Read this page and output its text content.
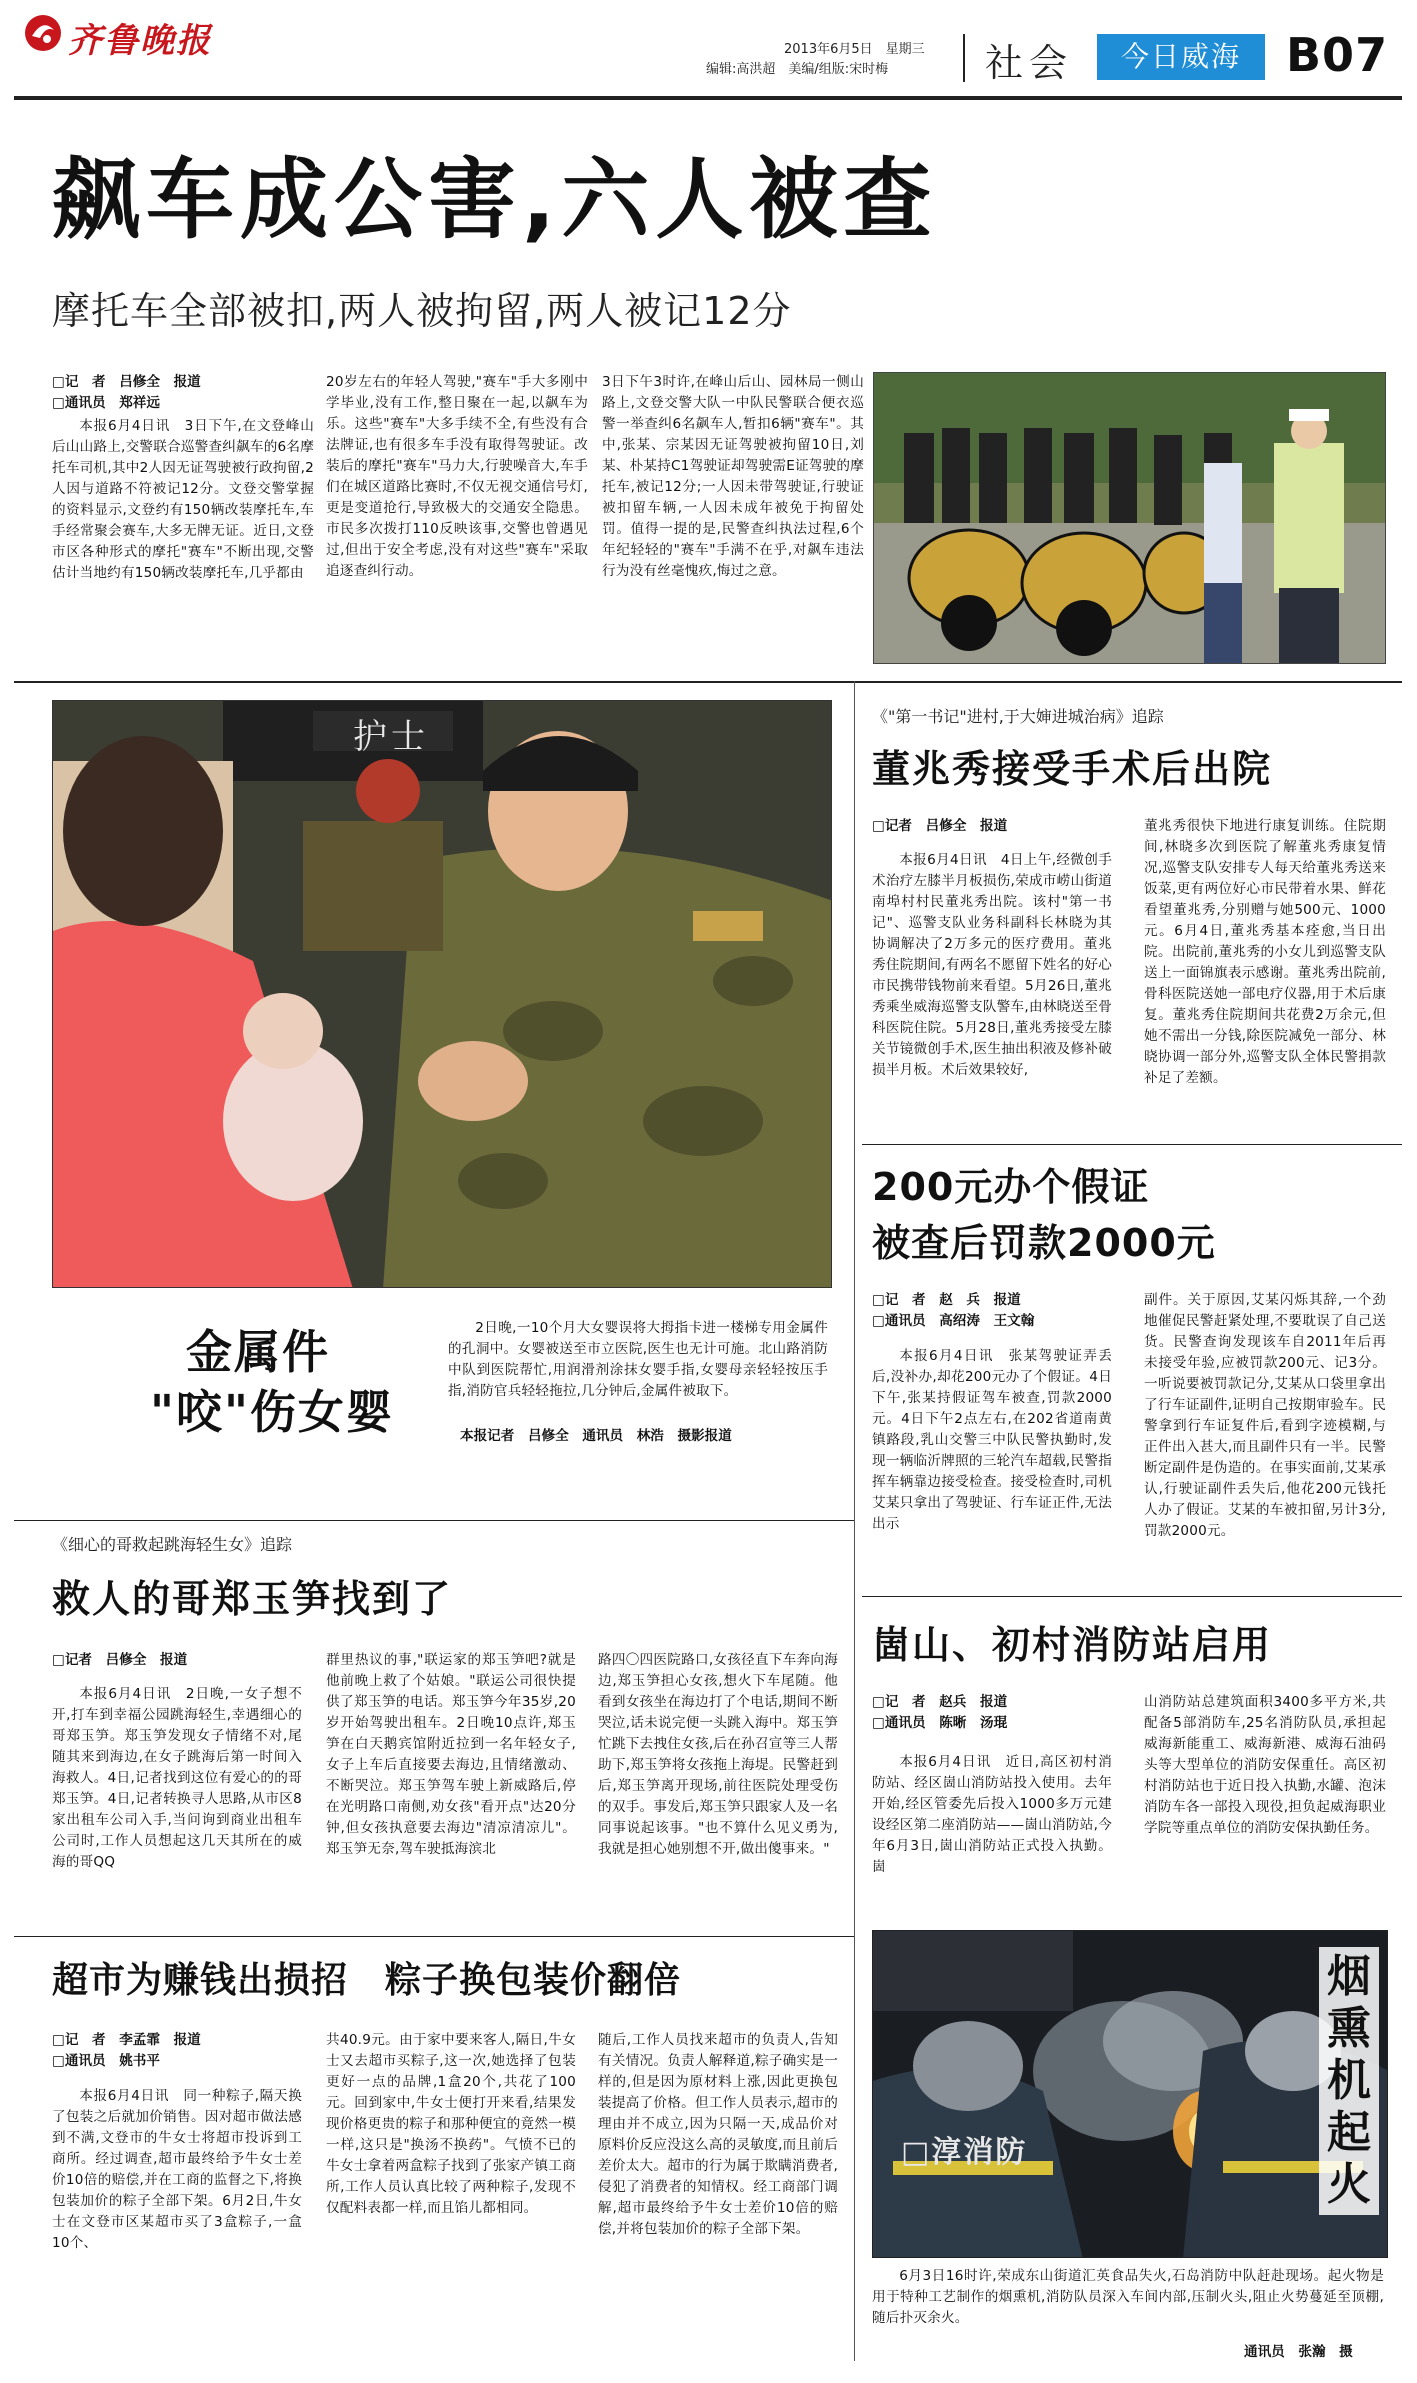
齐鲁晚报	2013年6月5日　星期三
编辑:高洪超　美编/组版:宋时梅	社会	今日威海 B07
飙车成公害,六人被查
摩托车全部被扣,两人被拘留,两人被记12分
□记　者　吕修全　报道
□通讯员　郑祥远

本报6月4日讯　3日下午,在文登峰山后山山路上,交警联合巡警查纠飙车的6名摩托车司机,其中2人因无证驾驶被行政拘留,2人因与道路不符被记12分。文登交警掌握的资料显示,文登约有150辆改装摩托车,车手经常聚会赛车,大多无牌无证。近日,文登市区各种形式的摩托"赛车"不断出现,交警估计当地约有150辆改装摩托车,几乎都由

20岁左右的年轻人驾驶,"赛车"手大多刚中学毕业,没有工作,整日聚在一起,以飙车为乐。这些"赛车"大多手续不全,有些没有合法牌证,也有很多车手没有取得驾驶证。改装后的摩托"赛车"马力大,行驶噪音大,车手们在城区道路比赛时,不仅无视交通信号灯,更是变道抢行,导致极大的交通安全隐患。市民多次拨打110反映该事,交警也曾遇见过,但出于安全考虑,没有对这些"赛车"采取追逐查纠行动。

3日下午3时许,在峰山后山、园林局一侧山路上,文登交警大队一中队民警联合便衣巡警一举查纠6名飙车人,暂扣6辆"赛车"。其中,张某、宗某因无证驾驶被拘留10日,刘某、朴某持C1驾驶证却驾驶需E证驾驶的摩托车,被记12分;一人因未带驾驶证,行驶证被扣留车辆,一人因未成年被免于拘留处罚。值得一提的是,民警查纠执法过程,6个年纪轻轻的"赛车"手满不在乎,对飙车违法行为没有丝毫愧疚,悔过之意。

护士
金属件
"咬"伤女婴

2日晚,一10个月大女婴误将大拇指卡进一楼梯专用金属件的孔洞中。女婴被送至市立医院,医生也无计可施。北山路消防中队到医院帮忙,用润滑剂涂抹女婴手指,女婴母亲轻轻按压手指,消防官兵轻轻拖拉,几分钟后,金属件被取下。

本报记者　吕修全　通讯员　林浩　摄影报道
《"第一书记"进村,于大婶进城治病》追踪
董兆秀接受手术后出院
□记者　吕修全　报道

本报6月4日讯　4日上午,经微创手术治疗左膝半月板损伤,荣成市崂山街道南埠村村民董兆秀出院。该村"第一书记"、巡警支队业务科副科长林晓为其协调解决了2万多元的医疗费用。董兆秀住院期间,有两名不愿留下姓名的好心市民携带钱物前来看望。5月26日,董兆秀乘坐威海巡警支队警车,由林晓送至骨科医院住院。5月28日,董兆秀接受左膝关节镜微创手术,医生抽出积液及修补破损半月板。术后效果较好,

董兆秀很快下地进行康复训练。住院期间,林晓多次到医院了解董兆秀康复情况,巡警支队安排专人每天给董兆秀送来饭菜,更有两位好心市民带着水果、鲜花看望董兆秀,分别赠与她500元、1000元。6月4日,董兆秀基本痊愈,当日出院。出院前,董兆秀的小女儿到巡警支队送上一面锦旗表示感谢。董兆秀出院前,骨科医院送她一部电疗仪器,用于术后康复。董兆秀住院期间共花费2万余元,但她不需出一分钱,除医院减免一部分、林晓协调一部分外,巡警支队全体民警捐款补足了差额。

200元办个假证
被查后罚款2000元
□记　者　赵　兵　报道
□通讯员　高绍涛　王文翰

本报6月4日讯　张某驾驶证弄丢后,没补办,却花200元办了个假证。4日下午,张某持假证驾车被查,罚款2000元。4日下午2点左右,在202省道南黄镇路段,乳山交警三中队民警执勤时,发现一辆临沂牌照的三轮汽车超载,民警指挥车辆靠边接受检查。接受检查时,司机艾某只拿出了驾驶证、行车证正件,无法出示

副件。关于原因,艾某闪烁其辞,一个劲地催促民警赶紧处理,不要耽误了自己送货。民警查询发现该车自2011年后再未接受年验,应被罚款200元、记3分。一听说要被罚款记分,艾某从口袋里拿出了行车证副件,证明自己按期审验车。民警拿到行车证复件后,看到字迹模糊,与正件出入甚大,而且副件只有一半。民警断定副件是伪造的。在事实面前,艾某承认,行驶证副件丢失后,他花200元钱托人办了假证。艾某的车被扣留,另计3分,罚款2000元。

崮山、初村消防站启用
□记　者　赵兵　报道
□通讯员　陈晰　汤琨

本报6月4日讯　近日,高区初村消防站、经区崮山消防站投入使用。去年开始,经区管委先后投入1000多万元建设经区第二座消防站——崮山消防站,今年6月3日,崮山消防站正式投入执勤。崮

山消防站总建筑面积3400多平方米,共配备5部消防车,25名消防队员,承担起威海新能重工、威海新港、威海石油码头等大型单位的消防安保重任。高区初村消防站也于近日投入执勤,水罐、泡沫消防车各一部投入现役,担负起威海职业学院等重点单位的消防安保执勤任务。

□淳消防
烟熏机起火

6月3日16时许,荣成东山街道汇英食品失火,石岛消防中队赶赴现场。起火物是用于特种工艺制作的烟熏机,消防队员深入车间内部,压制火头,阻止火势蔓延至顶棚,随后扑灭余火。

通讯员　张瀚　摄
《细心的哥救起跳海轻生女》追踪
救人的哥郑玉笋找到了
□记者　吕修全　报道

本报6月4日讯　2日晚,一女子想不开,打车到幸福公园跳海轻生,幸遇细心的哥郑玉笋。郑玉笋发现女子情绪不对,尾随其来到海边,在女子跳海后第一时间入海救人。4日,记者找到这位有爱心的的哥郑玉笋。4日,记者转换寻人思路,从市区8家出租车公司入手,当问询到商业出租车公司时,工作人员想起这几天其所在的威海的哥QQ

群里热议的事,"联运家的郑玉笋吧?就是他前晚上救了个姑娘。"联运公司很快提供了郑玉笋的电话。郑玉笋今年35岁,20岁开始驾驶出租车。2日晚10点许,郑玉笋在白天鹅宾馆附近拉到一名年轻女子,女子上车后直接要去海边,且情绪激动、不断哭泣。郑玉笋驾车驶上新威路后,停在光明路口南侧,劝女孩"看开点"达20分钟,但女孩执意要去海边"清凉清凉儿"。郑玉笋无奈,驾车驶抵海滨北

路四〇四医院路口,女孩径直下车奔向海边,郑玉笋担心女孩,想火下车尾随。他看到女孩坐在海边打了个电话,期间不断哭泣,话未说完便一头跳入海中。郑玉笋忙跳下去拽住女孩,后在孙召宣等三人帮助下,郑玉笋将女孩拖上海堤。民警赶到后,郑玉笋离开现场,前往医院处理受伤的双手。事发后,郑玉笋只跟家人及一名同事说起该事。"也不算什么见义勇为,我就是担心她别想不开,做出傻事来。"

超市为赚钱出损招　粽子换包装价翻倍
□记　者　李孟霏　报道
□通讯员　姚书平

本报6月4日讯　同一种粽子,隔天换了包装之后就加价销售。因对超市做法感到不满,文登市的牛女士将超市投诉到工商所。经过调查,超市最终给予牛女士差价10倍的赔偿,并在工商的监督之下,将换包装加价的粽子全部下架。6月2日,牛女士在文登市区某超市买了3盒粽子,一盒10个、

共40.9元。由于家中要来客人,隔日,牛女士又去超市买粽子,这一次,她选择了包装更好一点的品牌,1盒20个,共花了100元。回到家中,牛女士便打开来看,结果发现价格更贵的粽子和那种便宜的竟然一模一样,这只是"换汤不换药"。气愤不已的牛女士拿着两盒粽子找到了张家产镇工商所,工作人员认真比较了两种粽子,发现不仅配料表都一样,而且馅儿都相同。

随后,工作人员找来超市的负责人,告知有关情况。负责人解释道,粽子确实是一样的,但是因为原材料上涨,因此更换包装提高了价格。但工作人员表示,超市的理由并不成立,因为只隔一天,成品价对原料价反应没这么高的灵敏度,而且前后差价太大。超市的行为属于欺瞒消费者,侵犯了消费者的知情权。经工商部门调解,超市最终给予牛女士差价10倍的赔偿,并将包装加价的粽子全部下架。
